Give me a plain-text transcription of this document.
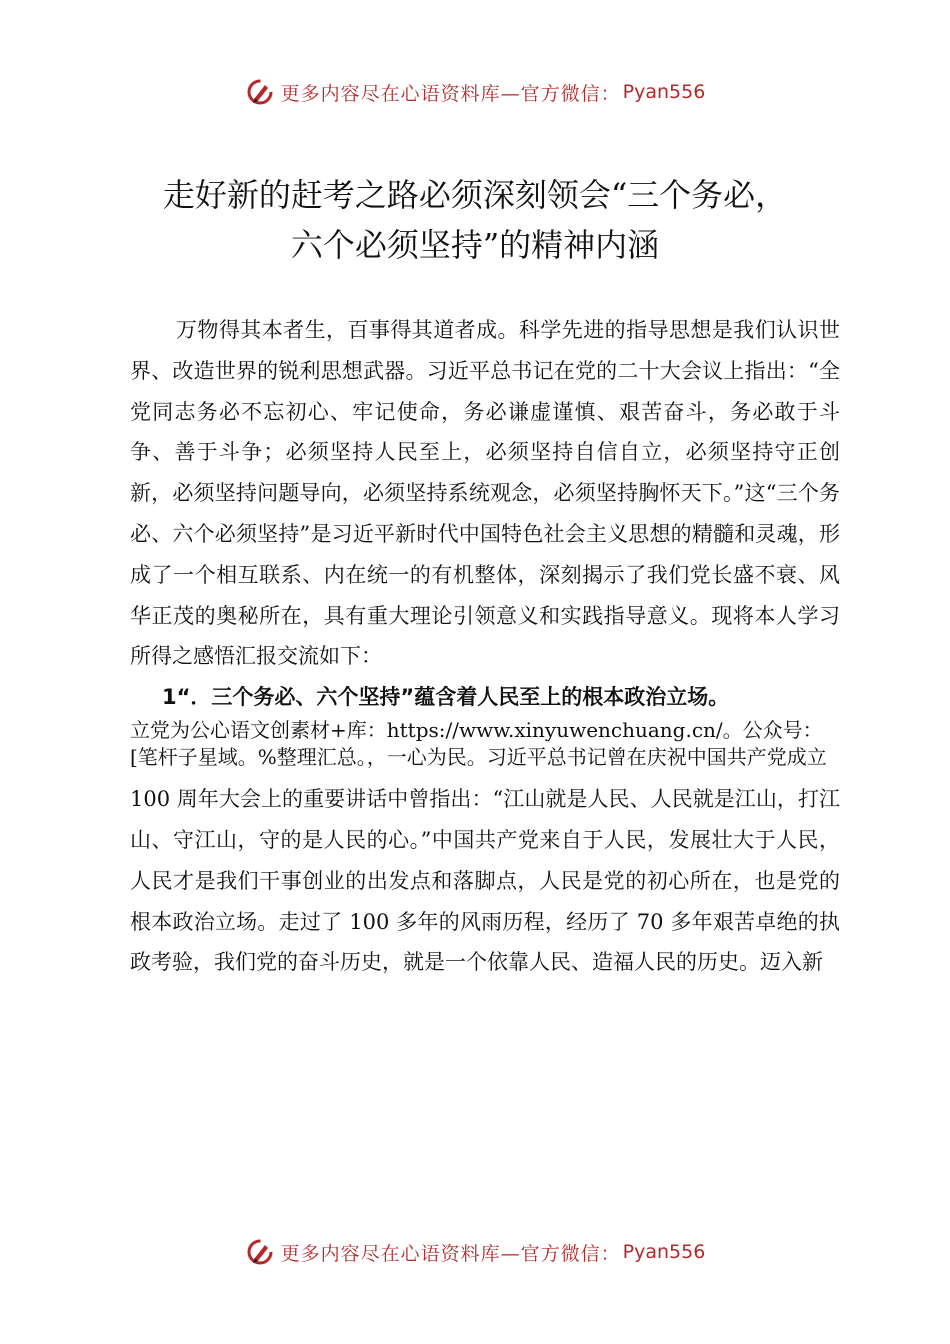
更多内容尽在心语资料库—官方微信： Pyan556
走好新的赶考之路必须深刻领会“三个务必，
六个必须坚持”的精神内涵

万物得其本者生，百事得其道者成。科学先进的指导思想是我们认识世界、改造世界的锐利思想武器。习近平总书记在党的二十大会议上指出：“全党同志务必不忘初心、牢记使命，务必谦虚谨慎、艰苦奋斗，务必敢于斗争、善于斗争；必须坚持人民至上，必须坚持自信自立，必须坚持守正创新，必须坚持问题导向，必须坚持系统观念，必须坚持胸怀天下。”这“三个务必、六个必须坚持”是习近平新时代中国特色社会主义思想的精髓和灵魂，形成了一个相互联系、内在统一的有机整体，深刻揭示了我们党长盛不衰、风华正茂的奥秘所在，具有重大理论引领意义和实践指导意义。现将本人学习所得之感悟汇报交流如下：

1“．三个务必、六个坚持”蕴含着人民至上的根本政治立场。

立党为公心语文创素材+库：https://www.xinyuwenchuang.cn/。公众号：[笔杆子星域。%整理汇总。，一心为民。习近平总书记曾在庆祝中国共产党成立

100 周年大会上的重要讲话中曾指出：“江山就是人民、人民就是江山，打江山、守江山，守的是人民的心。”中国共产党来自于人民，发展壮大于人民，人民才是我们干事创业的出发点和落脚点，人民是党的初心所在，也是党的根本政治立场。走过了 100 多年的风雨历程，经历了 70 多年艰苦卓绝的执政考验，我们党的奋斗历史，就是一个依靠人民、造福人民的历史。迈入新

更多内容尽在心语资料库—官方微信： Pyan556
